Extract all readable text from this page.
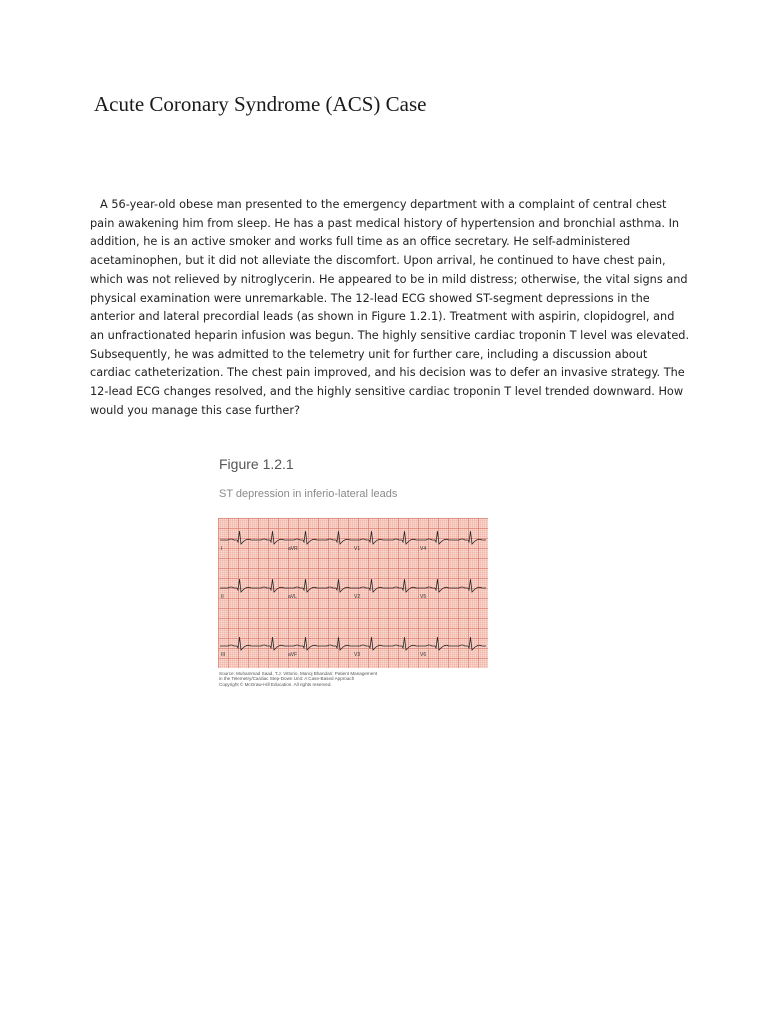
Acute Coronary Syndrome (ACS) Case

A 56-year-old obese man presented to the emergency department with a complaint of central chest pain awakening him from sleep. He has a past medical history of hypertension and bronchial asthma. In addition, he is an active smoker and works full time as an office secretary. He self-administered acetaminophen, but it did not alleviate the discomfort. Upon arrival, he continued to have chest pain, which was not relieved by nitroglycerin. He appeared to be in mild distress; otherwise, the vital signs and physical examination were unremarkable. The 12-lead ECG showed ST-segment depressions in the anterior and lateral precordial leads (as shown in Figure 1.2.1). Treatment with aspirin, clopidogrel, and an unfractionated heparin infusion was begun. The highly sensitive cardiac troponin T level was elevated. Subsequently, he was admitted to the telemetry unit for further care, including a discussion about cardiac catheterization. The chest pain improved, and his decision was to defer an invasive strategy. The 12-lead ECG changes resolved, and the highly sensitive cardiac troponin T level trended downward. How would you manage this case further?

Figure 1.2.1
ST depression in inferio-lateral leads
I	aVR	V1	V4
II	aVL	V2	V5
III	aVF	V3	V6
Source: Muhammad Saad, T.J. Vittorio, Manoj Bhandari: Patient Management
in the Telemetry/Cardiac Step-Down Unit: A Case-Based Approach
Copyright © McGraw-Hill Education. All rights reserved.
